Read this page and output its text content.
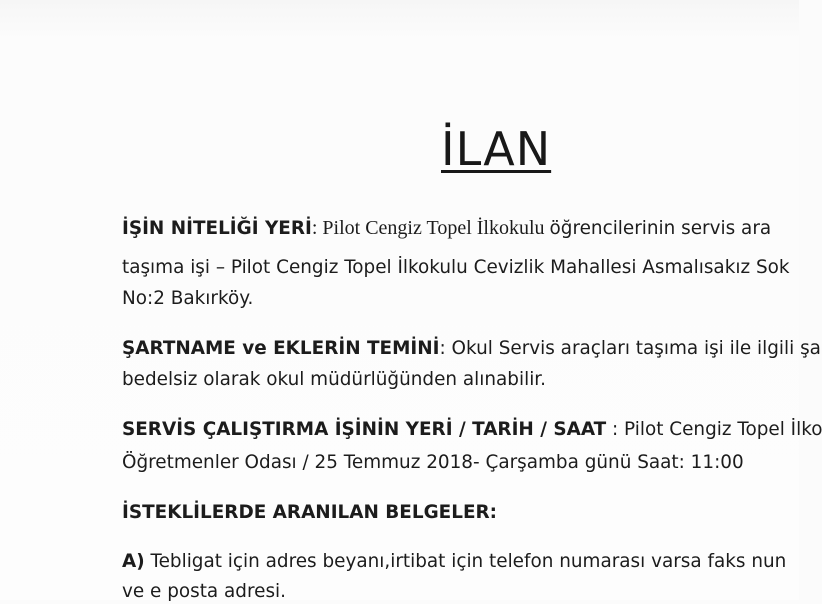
İLAN
İŞİN NİTELİĞİ YERİ: Pilot Cengiz Topel İlkokulu öğrencilerinin servis ara
taşıma işi – Pilot Cengiz Topel İlkokulu Cevizlik Mahallesi Asmalısakız Sok
No:2 Bakırköy.
ŞARTNAME ve EKLERİN TEMİNİ: Okul Servis araçları taşıma işi ile ilgili şa
bedelsiz olarak okul müdürlüğünden alınabilir.
SERVİS ÇALIŞTIRMA İŞİNİN YERİ / TARİH / SAAT : Pilot Cengiz Topel İlko
Öğretmenler Odası / 25 Temmuz 2018- Çarşamba günü Saat: 11:00
İSTEKLİLERDE ARANILAN BELGELER:
A) Tebligat için adres beyanı,irtibat için telefon numarası varsa faks nun
ve e posta adresi.
